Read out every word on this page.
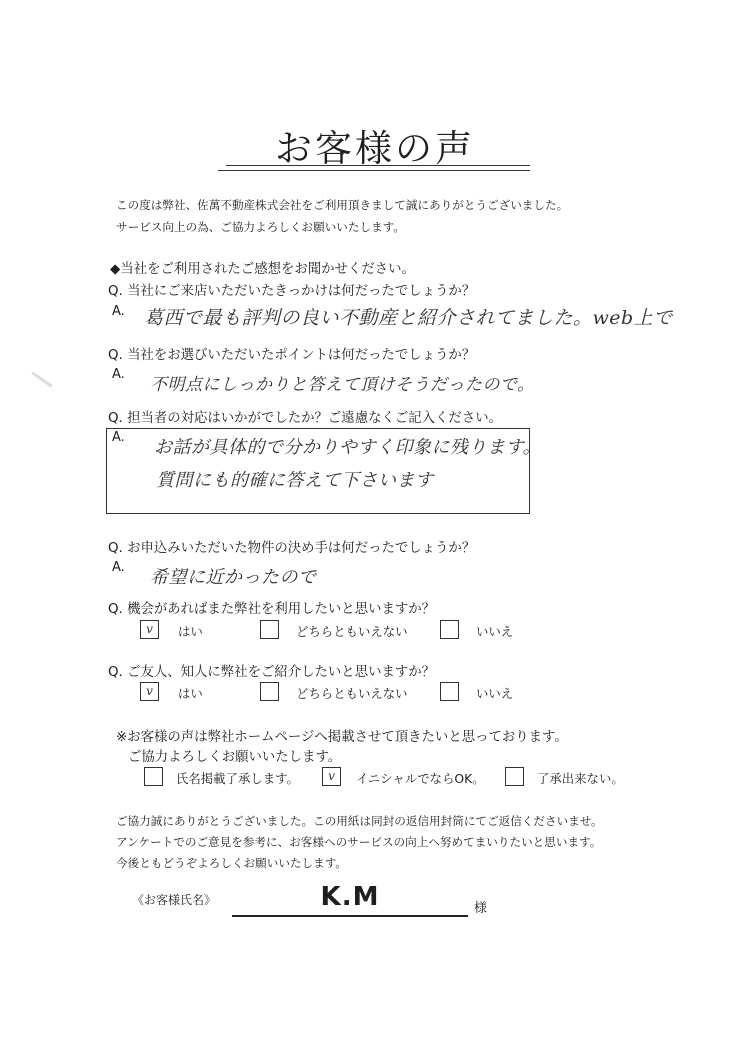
お客様の声
この度は弊社、佐萬不動産株式会社をご利用頂きまして誠にありがとうございました。
サービス向上の為、ご協力よろしくお願いいたします。
◆当社をご利用されたご感想をお聞かせください。
Q. 当社にご来店いただいたきっかけは何だったでしょうか？
A. 葛西で最も評判の良い不動産と紹介されてました。web上で
Q. 当社をお選びいただいたポイントは何だったでしょうか？
A.
不明点にしっかりと答えて頂けそうだったので。
Q. 担当者の対応はいかがでしたか？ご遠慮なくご記入ください。
A. お話が具体的で分かりやすく印象に残ります。
質問にも的確に答えて下さいます
Q. お申込みいただいた物件の決め手は何だったでしょうか？
A. 希望に近かったので
Q. 機会があればまた弊社を利用したいと思いますか？
v	はい	どちらともいえない	いいえ
Q. ご友人、知人に弊社をご紹介したいと思いますか？
v	はい	どちらともいえない	いいえ
※お客様の声は弊社ホームページへ掲載させて頂きたいと思っております。
ご協力よろしくお願いいたします。
氏名掲載了承します。	v	イニシャルでならOK。	了承出来ない。
ご協力誠にありがとうございました。この用紙は同封の返信用封筒にてご返信くださいませ。
アンケートでのご意見を参考に、お客様へのサービスの向上へ努めてまいりたいと思います。
今後ともどうぞよろしくお願いいたします。
《お客様氏名》	K.M	様
